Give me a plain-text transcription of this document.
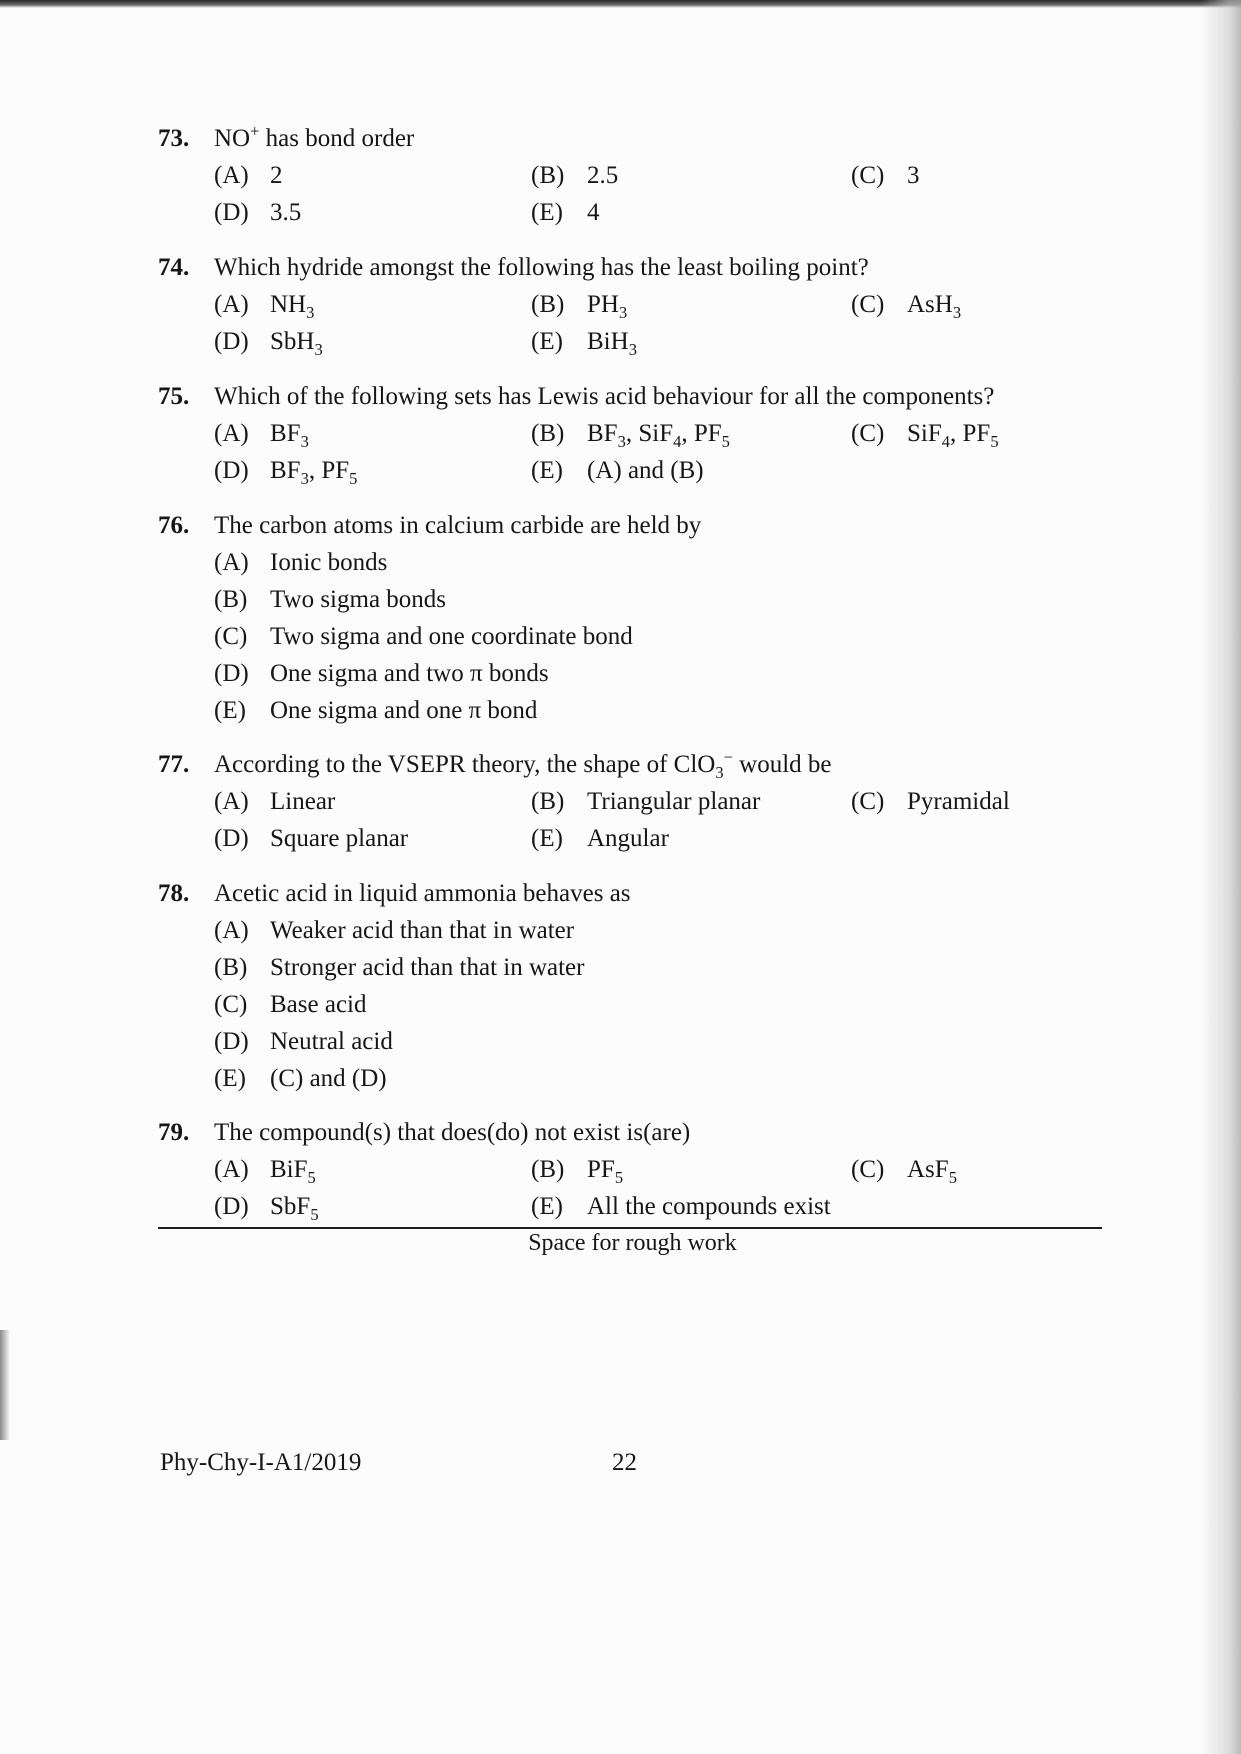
73. NO+ has bond order
(A) 2	(B) 2.5	(C) 3
(D) 3.5	(E) 4
74. Which hydride amongst the following has the least boiling point?
(A) $NH_3$	(B) $PH_3$	(C) AsH$_3$
(D) SbH$_3$	(E) BiH$_3$
75. Which of the following sets has Lewis acid behaviour for all the components?
(A) $BF_3$	(B) $BF_3$, SiF$_4$, $PF_5$	(C) SiF$_4$, $PF_5$
(D) $BF_3$, $PF_5$	(E) (A) and (B)
76. The carbon atoms in calcium carbide are held by
(A) Ionic bonds
(B) Two sigma bonds
(C) Two sigma and one coordinate bond
(D) One sigma and two π bonds
(E) One sigma and one π bond
77. According to the VSEPR theory, the shape of ClO$_3$− would be
(A) Linear	(B) Triangular planar	(C) Pyramidal
(D) Square planar	(E) Angular
78. Acetic acid in liquid ammonia behaves as
(A) Weaker acid than that in water
(B) Stronger acid than that in water
(C) Base acid
(D) Neutral acid
(E) (C) and (D)
79. The compound(s) that does(do) not exist is(are)
(A) BiF$_5$	(B) $PF_5$	(C) AsF$_5$
(D) SbF$_5$	(E) All the compounds exist
Space for rough work
Phy-Chy-I-A1/2019	22
